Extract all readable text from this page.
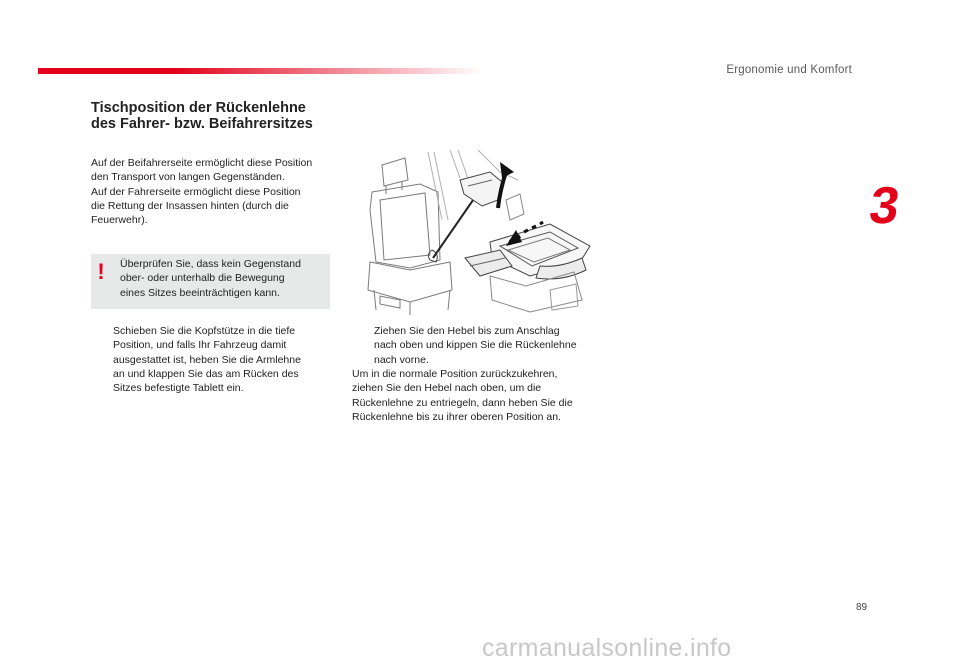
Ergonomie und Komfort
3
Tischposition der Rückenlehne
des Fahrer- bzw. Beifahrersitzes
Auf der Beifahrerseite ermöglicht diese Position
den Transport von langen Gegenständen.
Auf der Fahrerseite ermöglicht diese Position
die Rettung der Insassen hinten (durch die
Feuerwehr).
! Überprüfen Sie, dass kein Gegenstand
ober- oder unterhalb die Bewegung
eines Sitzes beeinträchtigen kann.
Schieben Sie die Kopfstütze in die tiefe
Position, und falls Ihr Fahrzeug damit
ausgestattet ist, heben Sie die Armlehne
an und klappen Sie das am Rücken des
Sitzes befestigte Tablett ein.
Ziehen Sie den Hebel bis zum Anschlag
nach oben und kippen Sie die Rückenlehne
nach vorne.
Um in die normale Position zurückzukehren,
ziehen Sie den Hebel nach oben, um die
Rückenlehne zu entriegeln, dann heben Sie die
Rückenlehne bis zu ihrer oberen Position an.
89
carmanualsonline.info
